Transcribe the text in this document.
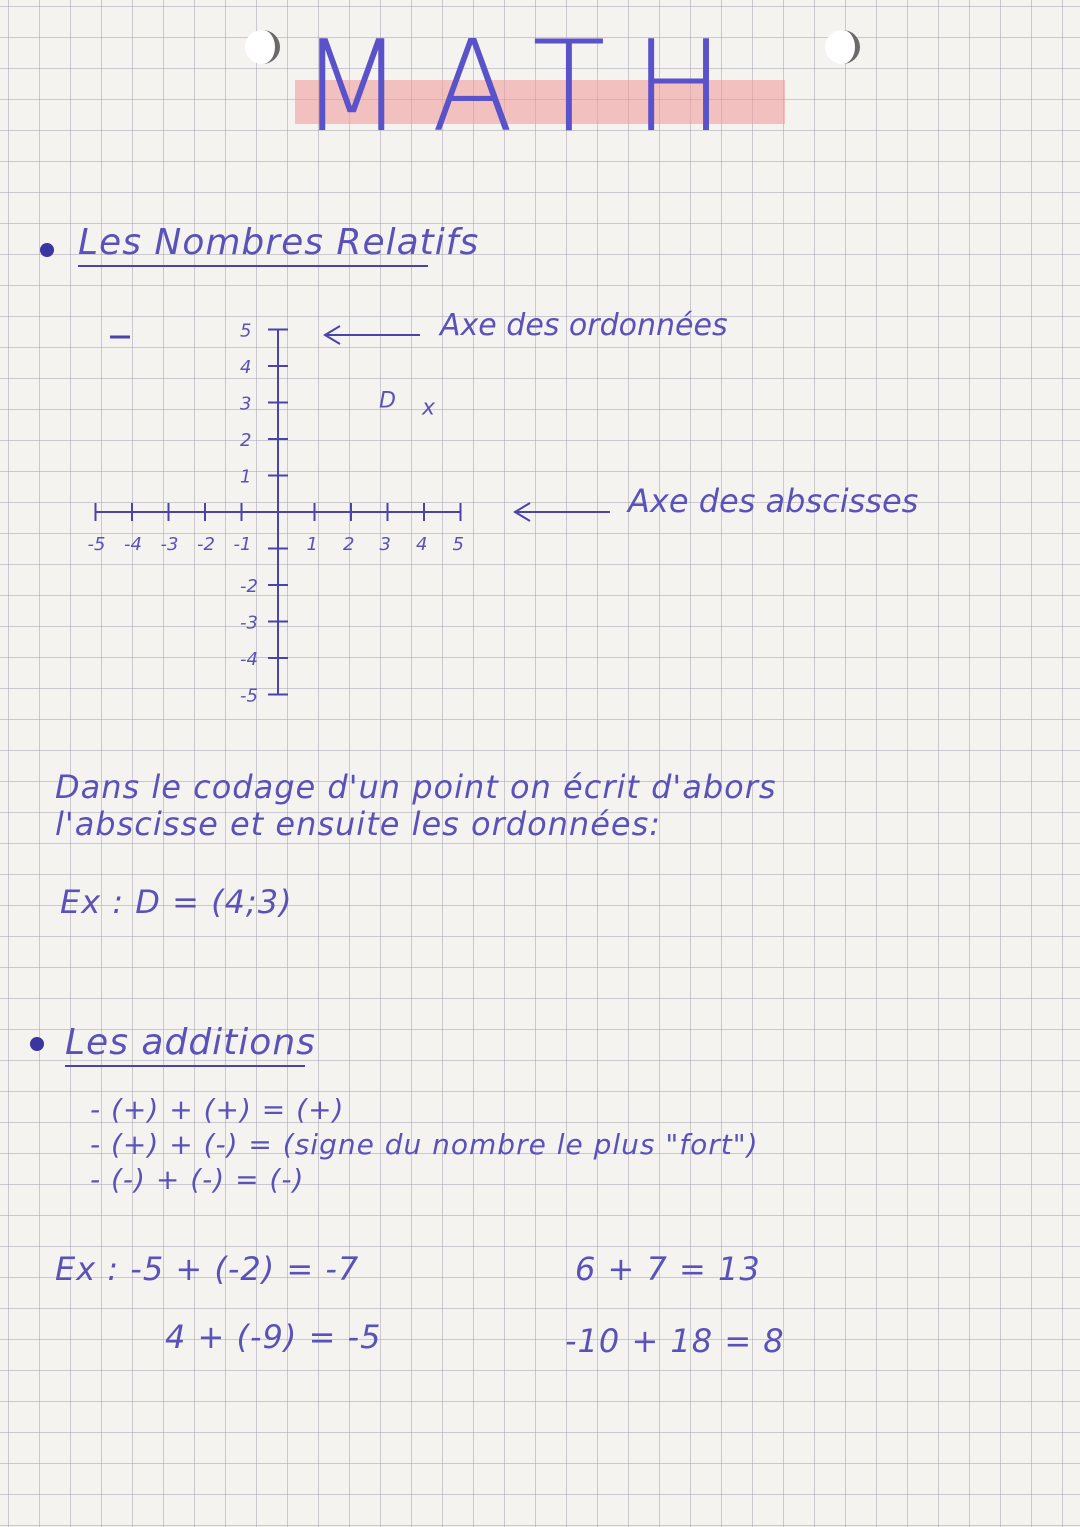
MATH
Les Nombres Relatifs
-5
-5
-4
-4
-3
-3
-2
-2
-1	1
1
2
2
3
3
4
4
5
5	Axe des ordonnées
Axe des abscisses
D x
Dans le codage d'un point on écrit d'abors
l'abscisse et ensuite les ordonnées:
Ex : D = (4;3)
Les additions
- (+) + (+) = (+)
- (+) + (-) = (signe du nombre le plus "fort")
- (-) + (-) = (-)
Ex : -5 + (-2) = -7
4 + (-9) = -5
6 + 7 = 13
-10 + 18 = 8
